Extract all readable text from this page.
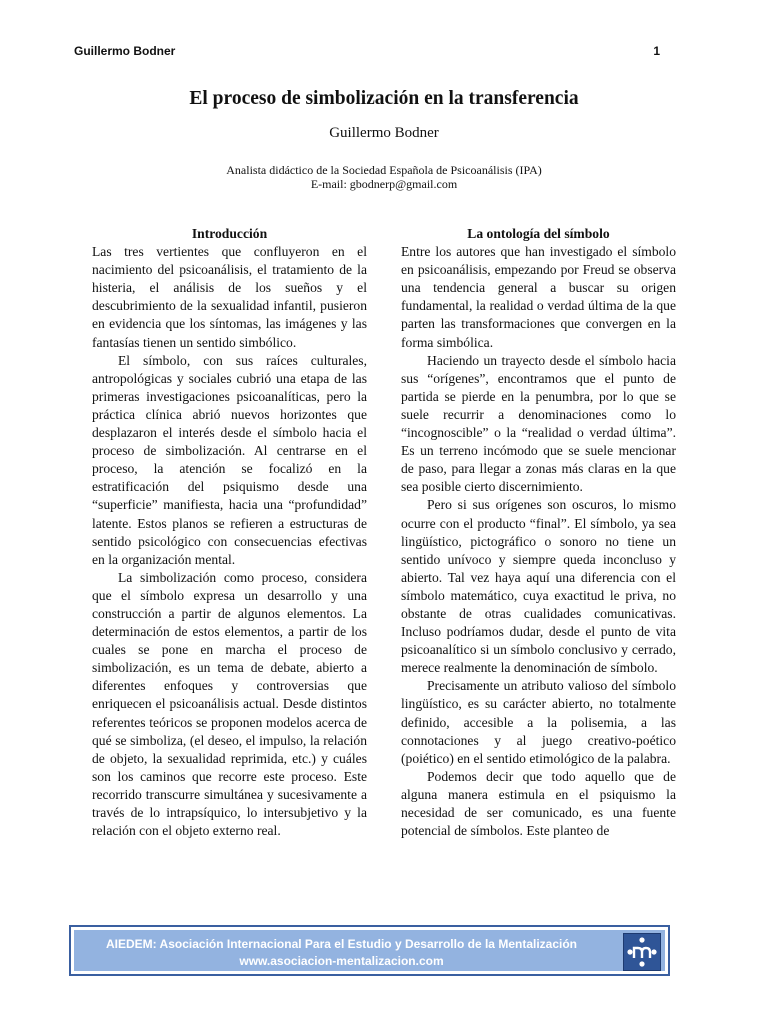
Guillermo Bodner	1
El proceso de simbolización en la transferencia
Guillermo Bodner
Analista didáctico de la Sociedad Española de Psicoanálisis (IPA)
E-mail: gbodnerp@gmail.com
Introducción

Las tres vertientes que confluyeron en el nacimiento del psicoanálisis, el tratamiento de la histeria, el análisis de los sueños y el descubrimiento de la sexualidad infantil, pusieron en evidencia que los síntomas, las imágenes y las fantasías tienen un sentido simbólico.

El símbolo, con sus raíces culturales, antropológicas y sociales cubrió una etapa de las primeras investigaciones psicoanalíticas, pero la práctica clínica abrió nuevos horizontes que desplazaron el interés desde el símbolo hacia el proceso de simbolización. Al centrarse en el proceso, la atención se focalizó en la estratificación del psiquismo desde una “superficie” manifiesta, hacia una “profundidad” latente. Estos planos se refieren a estructuras de sentido psicológico con consecuencias efectivas en la organización mental.

La simbolización como proceso, considera que el símbolo expresa un desarrollo y una construcción a partir de algunos elementos. La determinación de estos elementos, a partir de los cuales se pone en marcha el proceso de simbolización, es un tema de debate, abierto a diferentes enfoques y controversias que enriquecen el psicoanálisis actual. Desde distintos referentes teóricos se proponen modelos acerca de qué se simboliza, (el deseo, el impulso, la relación de objeto, la sexualidad reprimida, etc.) y cuáles son los caminos que recorre este proceso. Este recorrido transcurre simultánea y sucesivamente a través de lo intrapsíquico, lo intersubjetivo y la relación con el objeto externo real.

La ontología del símbolo

Entre los autores que han investigado el símbolo en psicoanálisis, empezando por Freud se observa una tendencia general a buscar su origen fundamental, la realidad o verdad última de la que parten las transformaciones que convergen en la forma simbólica.

Haciendo un trayecto desde el símbolo hacia sus “orígenes”, encontramos que el punto de partida se pierde en la penumbra, por lo que se suele recurrir a denominaciones como lo “incognoscible” o la “realidad o verdad última”. Es un terreno incómodo que se suele mencionar de paso, para llegar a zonas más claras en la que sea posible cierto discernimiento.

Pero si sus orígenes son oscuros, lo mismo ocurre con el producto “final”. El símbolo, ya sea lingüístico, pictográfico o sonoro no tiene un sentido unívoco y siempre queda inconcluso y abierto. Tal vez haya aquí una diferencia con el símbolo matemático, cuya exactitud le priva, no obstante de otras cualidades comunicativas. Incluso podríamos dudar, desde el punto de vita psicoanalítico si un símbolo conclusivo y cerrado, merece realmente la denominación de símbolo.

Precisamente un atributo valioso del símbolo lingüístico, es su carácter abierto, no totalmente definido, accesible a la polisemia, a las connotaciones y al juego creativo-poético (poiético) en el sentido etimológico de la palabra.

Podemos decir que todo aquello que de alguna manera estimula en el psiquismo la necesidad de ser comunicado, es una fuente potencial de símbolos. Este planteo de

AIEDEM: Asociación Internacional Para el Estudio y Desarrollo de la Mentalización
www.asociacion-mentalizacion.com
